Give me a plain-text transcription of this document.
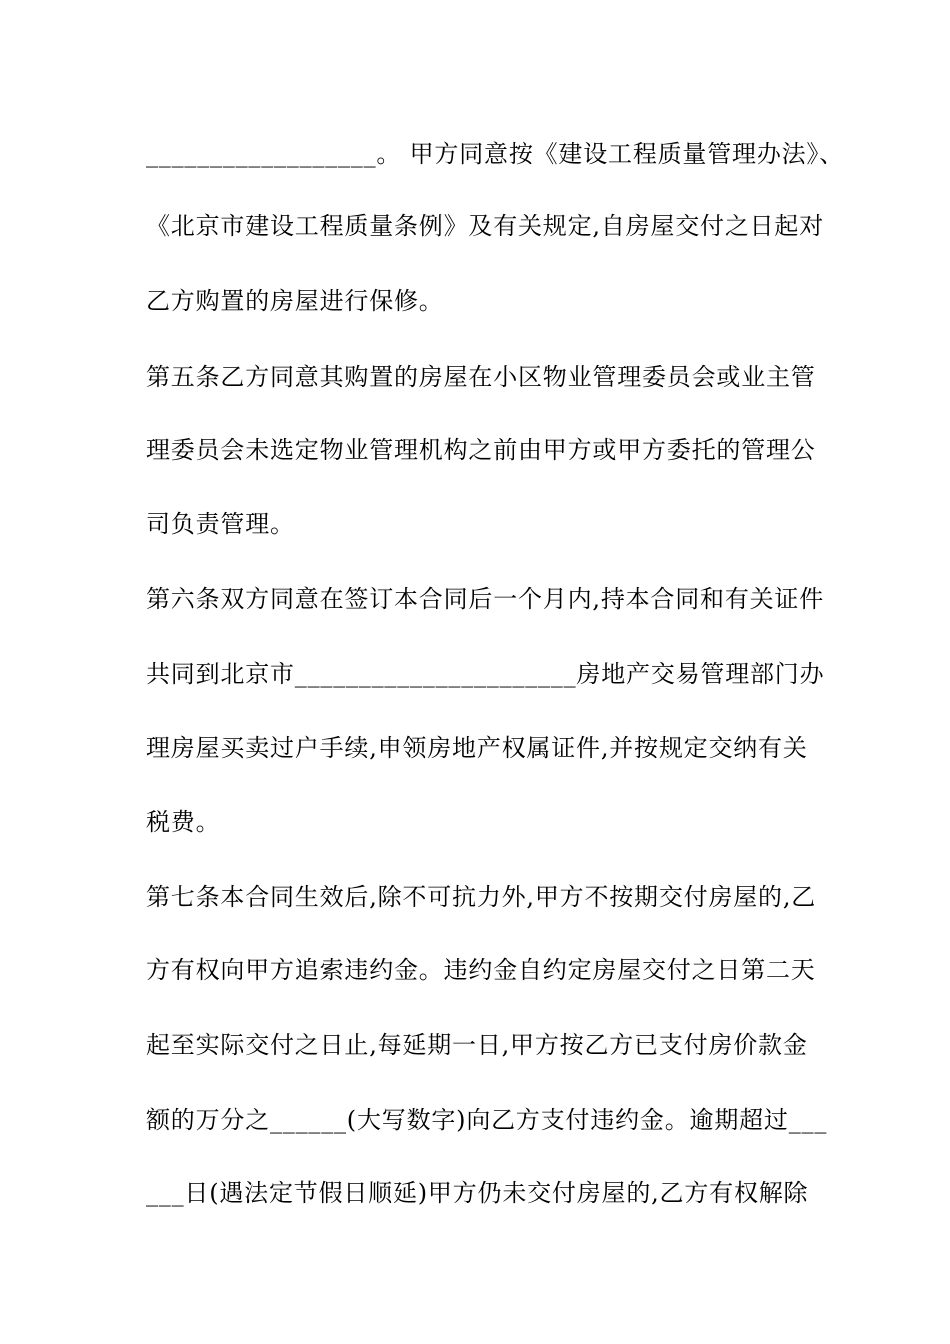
__________________。 甲方同意按《建设工程质量管理办法》、
《北京市建设工程质量条例》及有关规定,自房屋交付之日起对
乙方购置的房屋进行保修。
第五条乙方同意其购置的房屋在小区物业管理委员会或业主管
理委员会未选定物业管理机构之前由甲方或甲方委托的管理公
司负责管理。
第六条双方同意在签订本合同后一个月内,持本合同和有关证件
共同到北京市______________________房地产交易管理部门办
理房屋买卖过户手续,申领房地产权属证件,并按规定交纳有关
税费。
第七条本合同生效后,除不可抗力外,甲方不按期交付房屋的,乙
方有权向甲方追索违约金。违约金自约定房屋交付之日第二天
起至实际交付之日止,每延期一日,甲方按乙方已支付房价款金
额的万分之______(大写数字)向乙方支付违约金。逾期超过___
___日(遇法定节假日顺延)甲方仍未交付房屋的,乙方有权解除
